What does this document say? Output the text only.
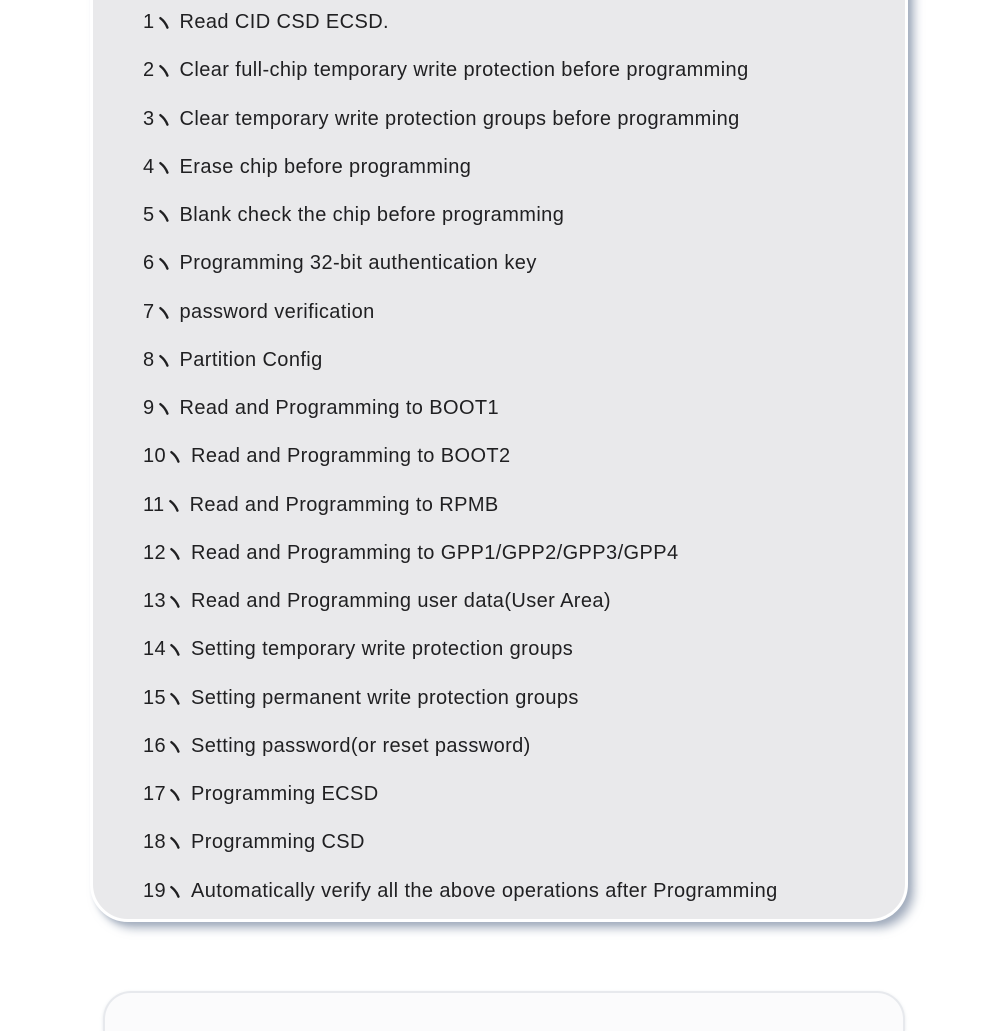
1 Read CID CSD ECSD.
2 Clear full-chip temporary write protection before programming
3 Clear temporary write protection groups before programming
4 Erase chip before programming
5 Blank check the chip before programming
6 Programming 32-bit authentication key
7 password verification
8 Partition Config
9 Read and Programming to BOOT1
10 Read and Programming to BOOT2
11 Read and Programming to RPMB
12 Read and Programming to GPP1/GPP2/GPP3/GPP4
13 Read and Programming user data(User Area)
14 Setting temporary write protection groups
15 Setting permanent write protection groups
16 Setting password(or reset password)
17 Programming ECSD
18 Programming CSD
19 Automatically verify all the above operations after Programming
